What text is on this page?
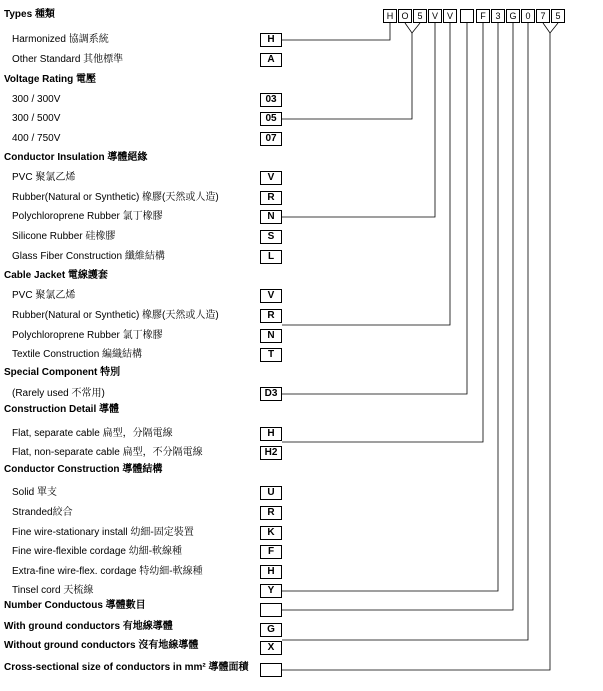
Types 種類
Harmonized 協調系統	H
Other Standard 其他標準	A
Voltage Rating 電壓
300 / 300V	03
300 / 500V	05
400 / 750V	07
Conductor Insulation 導體絕緣
PVC 聚氯乙烯	V
Rubber(Natural or Synthetic) 橡膠(天然或人造)	R
Polychloroprene Rubber 氯丁橡膠	N
Silicone Rubber 硅橡膠	S
Glass Fiber Construction 纖維結構	L
Cable Jacket 電線護套
PVC 聚氯乙烯	V
Rubber(Natural or Synthetic) 橡膠(天然或人造)	R
Polychloroprene Rubber 氯丁橡膠	N
Textile Construction 編織結構	T
Special Component 特別
(Rarely used 不常用)	D3
Construction Detail 導體
Flat, separate cable 扁型，分隔電線	H
Flat, non-separate cable 扁型，不分隔電線	H2
Conductor Construction 導體結構
Solid 單支	U
Stranded絞合	R
Fine wire-stationary install 幼細-固定裝置	K
Fine wire-flexible cordage 幼細-軟線種	F
Extra-fine wire-flex. cordage 特幼細-軟線種	H
Tinsel cord 天梳線	Y
Number Conductous 導體數目
With ground conductors 有地線導體	G
Without ground conductors 沒有地線導體	X
Cross-sectional size of conductors in mm² 導體面積
H O 5	V V	F	3 G 0	7	5
